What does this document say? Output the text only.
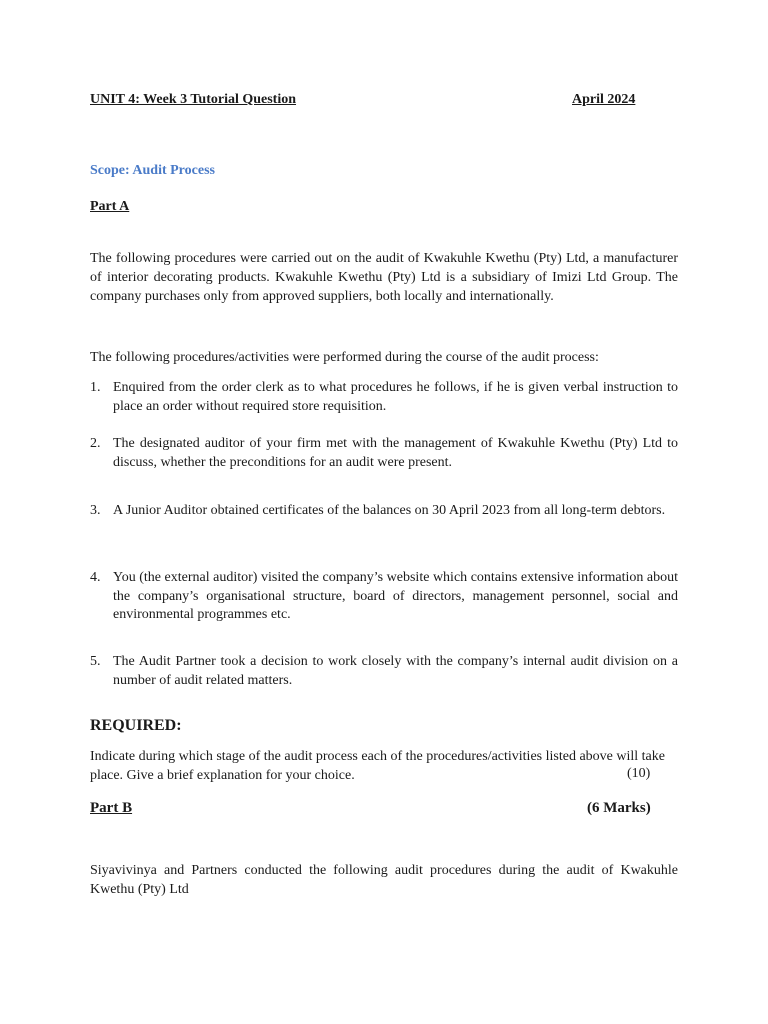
UNIT 4: Week 3 Tutorial Question	April 2024

Scope: Audit Process

Part A

The following procedures were carried out on the audit of Kwakuhle Kwethu (Pty) Ltd, a manufacturer of interior decorating products. Kwakuhle Kwethu (Pty) Ltd is a subsidiary of Imizi Ltd Group. The company purchases only from approved suppliers, both locally and internationally.

The following procedures/activities were performed during the course of the audit process:

1. Enquired from the order clerk as to what procedures he follows, if he is given verbal instruction to place an order without required store requisition.
2. The designated auditor of your firm met with the management of Kwakuhle Kwethu (Pty) Ltd to discuss, whether the preconditions for an audit were present.
3. A Junior Auditor obtained certificates of the balances on 30 April 2023 from all long-term debtors.
4. You (the external auditor) visited the company’s website which contains extensive information about the company’s organisational structure, board of directors, management personnel, social and environmental programmes etc.
5. The Audit Partner took a decision to work closely with the company’s internal audit division on a number of audit related matters.

REQUIRED:

Indicate during which stage of the audit process each of the procedures/activities listed above will take place. Give a brief explanation for your choice.	(10)

Part B	(6 Marks)

Siyavivinya and Partners conducted the following audit procedures during the audit of Kwakuhle Kwethu (Pty) Ltd
